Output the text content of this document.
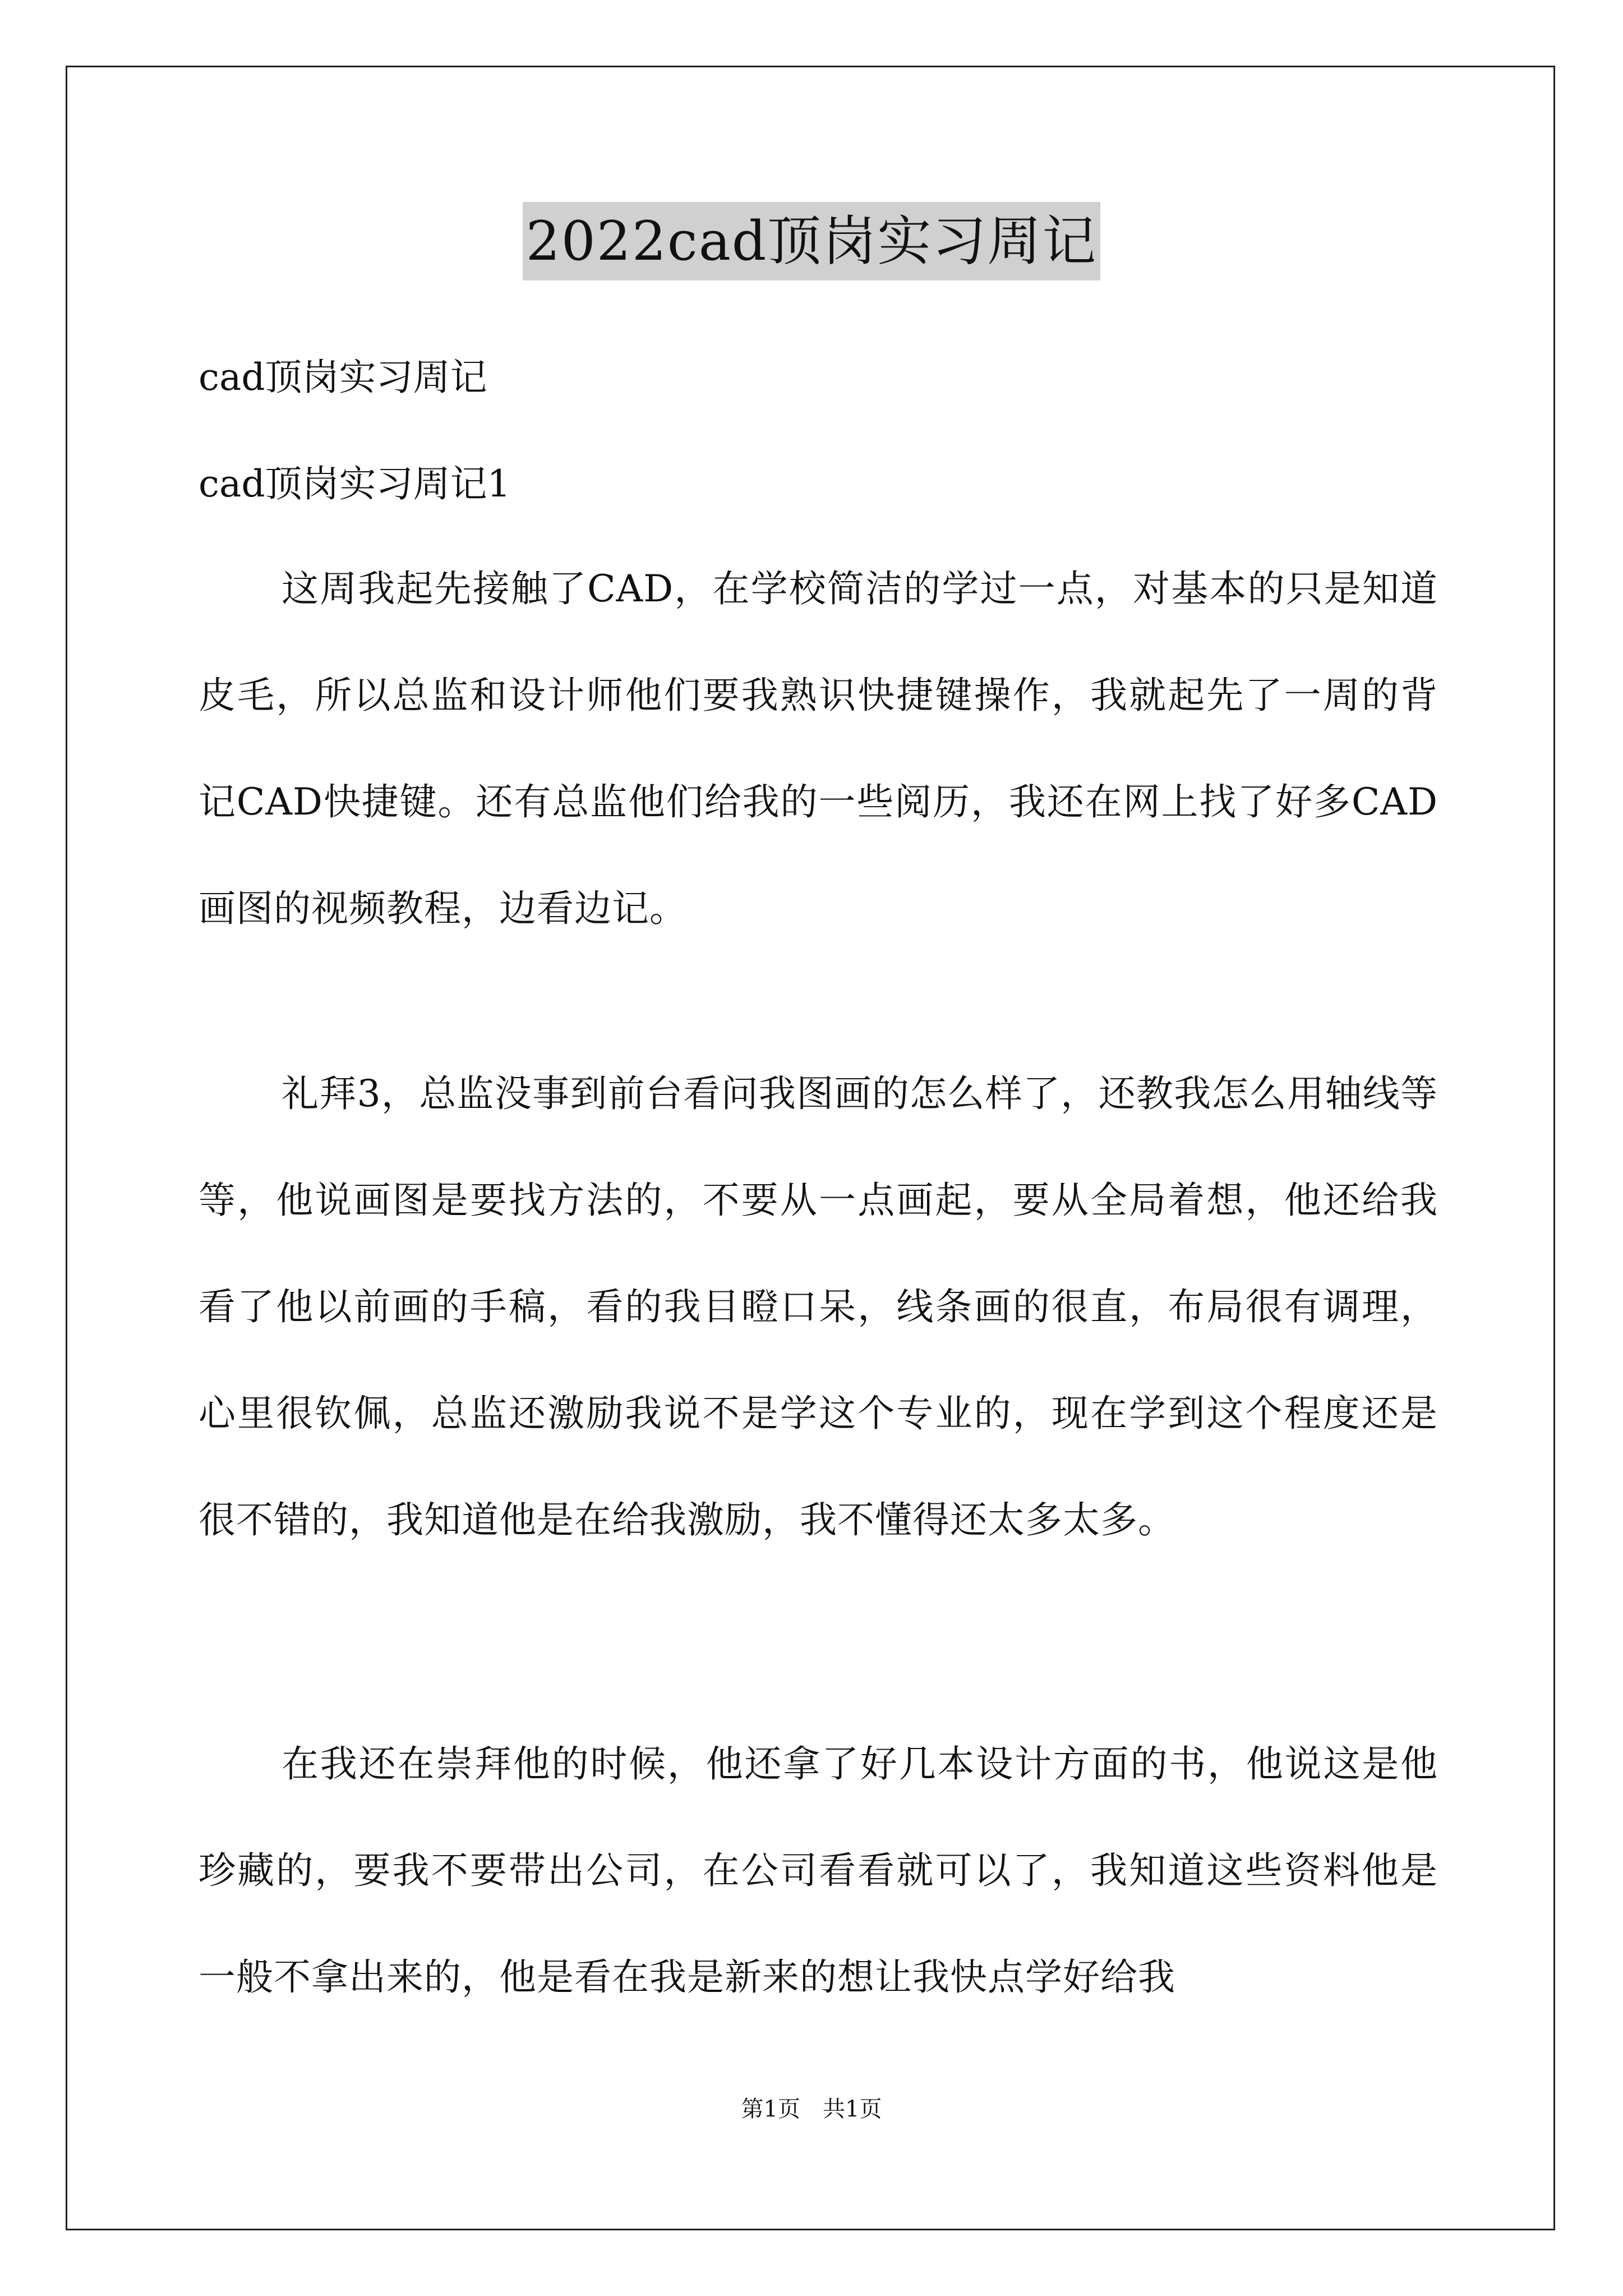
2022cad顶岗实习周记
cad顶岗实习周记
cad顶岗实习周记1
这周我起先接触了CAD，在学校简洁的学过一点，对基本的只是知道皮毛，所以总监和设计师他们要我熟识快捷键操作，我就起先了一周的背记CAD快捷键。还有总监他们给我的一些阅历，我还在网上找了好多CAD画图的视频教程，边看边记。
礼拜3，总监没事到前台看问我图画的怎么样了，还教我怎么用轴线等等，他说画图是要找方法的，不要从一点画起，要从全局着想，他还给我看了他以前画的手稿，看的我目瞪口呆，线条画的很直，布局很有调理，心里很钦佩，总监还激励我说不是学这个专业的，现在学到这个程度还是很不错的，我知道他是在给我激励，我不懂得还太多太多。
在我还在崇拜他的时候，他还拿了好几本设计方面的书，他说这是他珍藏的，要我不要带出公司，在公司看看就可以了，我知道这些资料他是一般不拿出来的，他是看在我是新来的想让我快点学好给我
第1页　共1页
